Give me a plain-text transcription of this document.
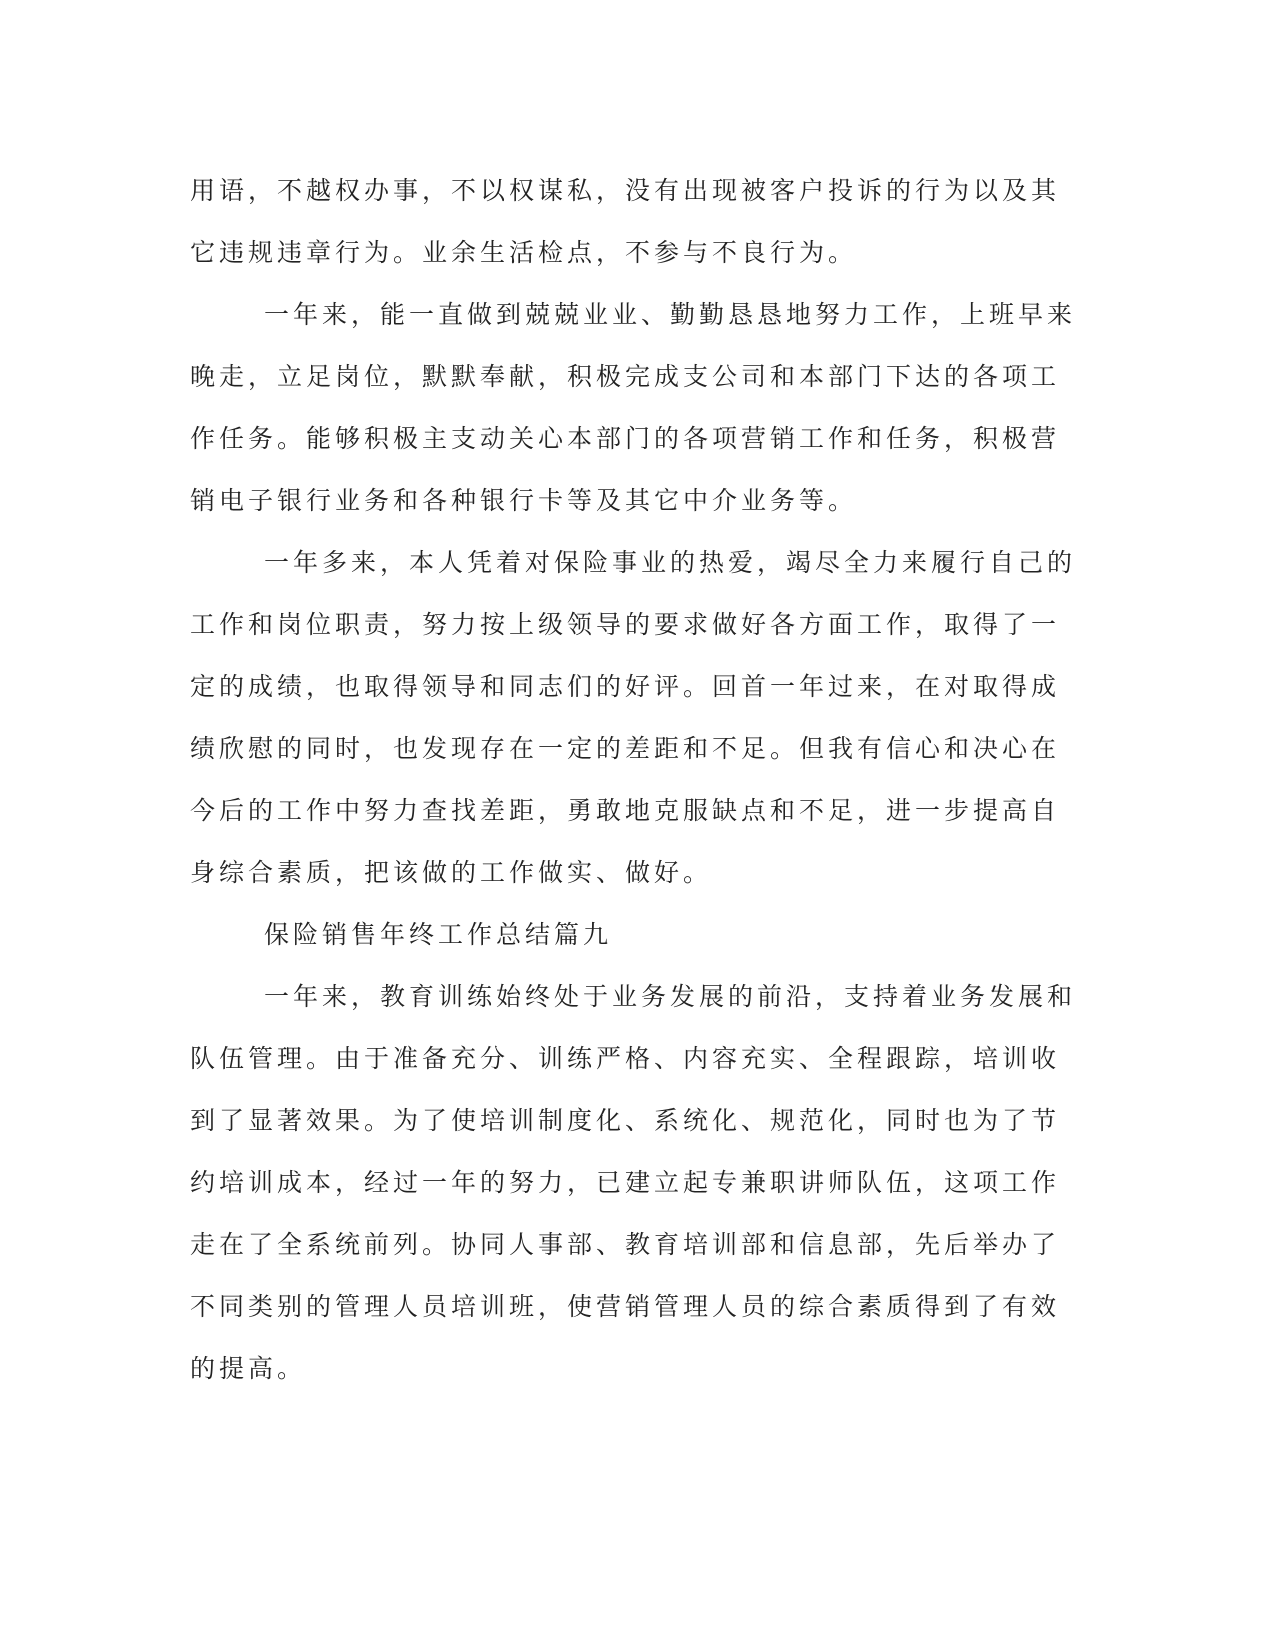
用语，不越权办事，不以权谋私，没有出现被客户投诉的行为以及其
它违规违章行为。业余生活检点，不参与不良行为。
一年来，能一直做到兢兢业业、勤勤恳恳地努力工作，上班早来
晚走，立足岗位，默默奉献，积极完成支公司和本部门下达的各项工
作任务。能够积极主支动关心本部门的各项营销工作和任务，积极营
销电子银行业务和各种银行卡等及其它中介业务等。
一年多来，本人凭着对保险事业的热爱，竭尽全力来履行自己的
工作和岗位职责，努力按上级领导的要求做好各方面工作，取得了一
定的成绩，也取得领导和同志们的好评。回首一年过来，在对取得成
绩欣慰的同时，也发现存在一定的差距和不足。但我有信心和决心在
今后的工作中努力查找差距，勇敢地克服缺点和不足，进一步提高自
身综合素质，把该做的工作做实、做好。
保险销售年终工作总结篇九
一年来，教育训练始终处于业务发展的前沿，支持着业务发展和
队伍管理。由于准备充分、训练严格、内容充实、全程跟踪，培训收
到了显著效果。为了使培训制度化、系统化、规范化，同时也为了节
约培训成本，经过一年的努力，已建立起专兼职讲师队伍，这项工作
走在了全系统前列。协同人事部、教育培训部和信息部，先后举办了
不同类别的管理人员培训班，使营销管理人员的综合素质得到了有效
的提高。
